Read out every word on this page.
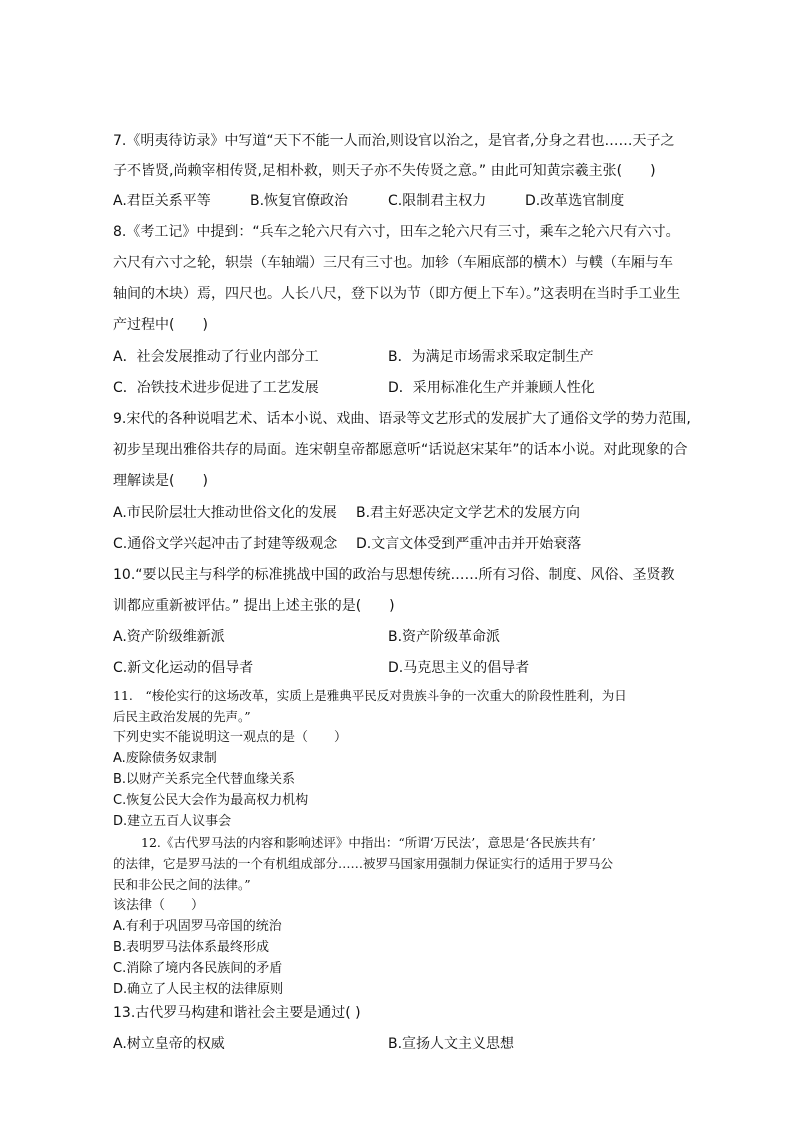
7.《明夷待访录》中写道“天下不能一人而治,则设官以治之，是官者,分身之君也……天子之
子不皆贤,尚赖宰相传贤,足相朴救，则天子亦不失传贤之意。” 由此可知黄宗羲主张(　　)
A.君臣关系平等	B.恢复官僚政治	C.限制君主权力	D.改革选官制度
8.《考工记》中提到：“兵车之轮六尺有六寸，田车之轮六尺有三寸，乘车之轮六尺有六寸。
六尺有六寸之轮，轵崇（车轴端）三尺有三寸也。加轸（车厢底部的横木）与轐（车厢与车
轴间的木块）焉，四尺也。人长八尺，登下以为节（即方便上下车）。”这表明在当时手工业生
产过程中(　　)
A．社会发展推动了行业内部分工	B．为满足市场需求采取定制生产
C．冶铁技术进步促进了工艺发展	D．采用标准化生产并兼顾人性化
9.宋代的各种说唱艺术、话本小说、戏曲、语录等文艺形式的发展扩大了通俗文学的势力范围,
初步呈现出雅俗共存的局面。连宋朝皇帝都愿意听“话说赵宋某年”的话本小说。对此现象的合
理解读是(　　)
A.市民阶层壮大推动世俗文化的发展 B.君主好恶决定文学艺术的发展方向
C.通俗文学兴起冲击了封建等级观念 D.文言文体受到严重冲击并开始衰落
10.“要以民主与科学的标准挑战中国的政治与思想传统……所有习俗、制度、风俗、圣贤教
训都应重新被评估。” 提出上述主张的是(　　)
A.资产阶级维新派	B.资产阶级革命派
C.新文化运动的倡导者	D.马克思主义的倡导者
11.　“梭伦实行的这场改革，实质上是雅典平民反对贵族斗争的一次重大的阶段性胜利，为日
后民主政治发展的先声。”
下列史实不能说明这一观点的是（　　）
A.废除债务奴隶制
B.以财产关系完全代替血缘关系
C.恢复公民大会作为最高权力机构
D.建立五百人议事会
12.《古代罗马法的内容和影响述评》中指出：“所谓‘万民法’，意思是‘各民族共有’
的法律，它是罗马法的一个有机组成部分……被罗马国家用强制力保证实行的适用于罗马公
民和非公民之间的法律。”
该法律（　　）
A.有利于巩固罗马帝国的统治
B.表明罗马法体系最终形成
C.消除了境内各民族间的矛盾
D.确立了人民主权的法律原则
13.古代罗马构建和谐社会主要是通过( )
A.树立皇帝的权威	B.宣扬人文主义思想
